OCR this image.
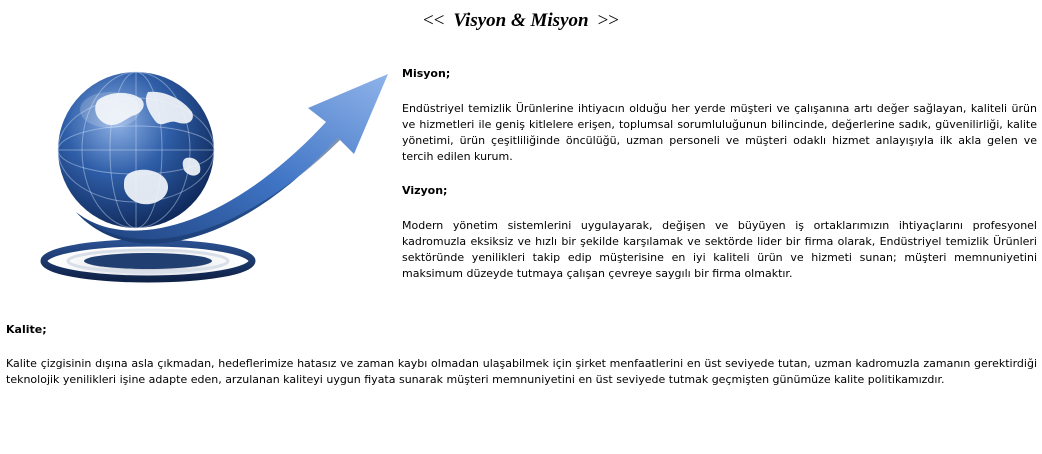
<< Visyon & Misyon >>

Misyon;

Endüstriyel temizlik Ürünlerine ihtiyacın olduğu her yerde müşteri ve çalışanına artı değer sağlayan, kaliteli ürün ve hizmetleri ile geniş kitlelere erişen, toplumsal sorumluluğunun bilincinde, değerlerine sadık, güvenilirliği, kalite yönetimi, ürün çeşitliliğinde öncülüğü, uzman personeli ve müşteri odaklı hizmet anlayışıyla ilk akla gelen ve tercih edilen kurum.

Vizyon;

Modern yönetim sistemlerini uygulayarak, değişen ve büyüyen iş ortaklarımızın ihtiyaçlarını profesyonel kadromuzla eksiksiz ve hızlı bir şekilde karşılamak ve sektörde lider bir firma olarak, Endüstriyel temizlik Ürünleri sektöründe yenilikleri takip edip müşterisine en iyi kaliteli ürün ve hizmeti sunan; müşteri memnuniyetini maksimum düzeyde tutmaya çalışan çevreye saygılı bir firma olmaktır.

Kalite;

Kalite çizgisinin dışına asla çıkmadan, hedeflerimize hatasız ve zaman kaybı olmadan ulaşabilmek için şirket menfaatlerini en üst seviyede tutan, uzman kadromuzla zamanın gerektirdiği teknolojik yenilikleri işine adapte eden, arzulanan kaliteyi uygun fiyata sunarak müşteri memnuniyetini en üst seviyede tutmak geçmişten günümüze kalite politikamızdır.
